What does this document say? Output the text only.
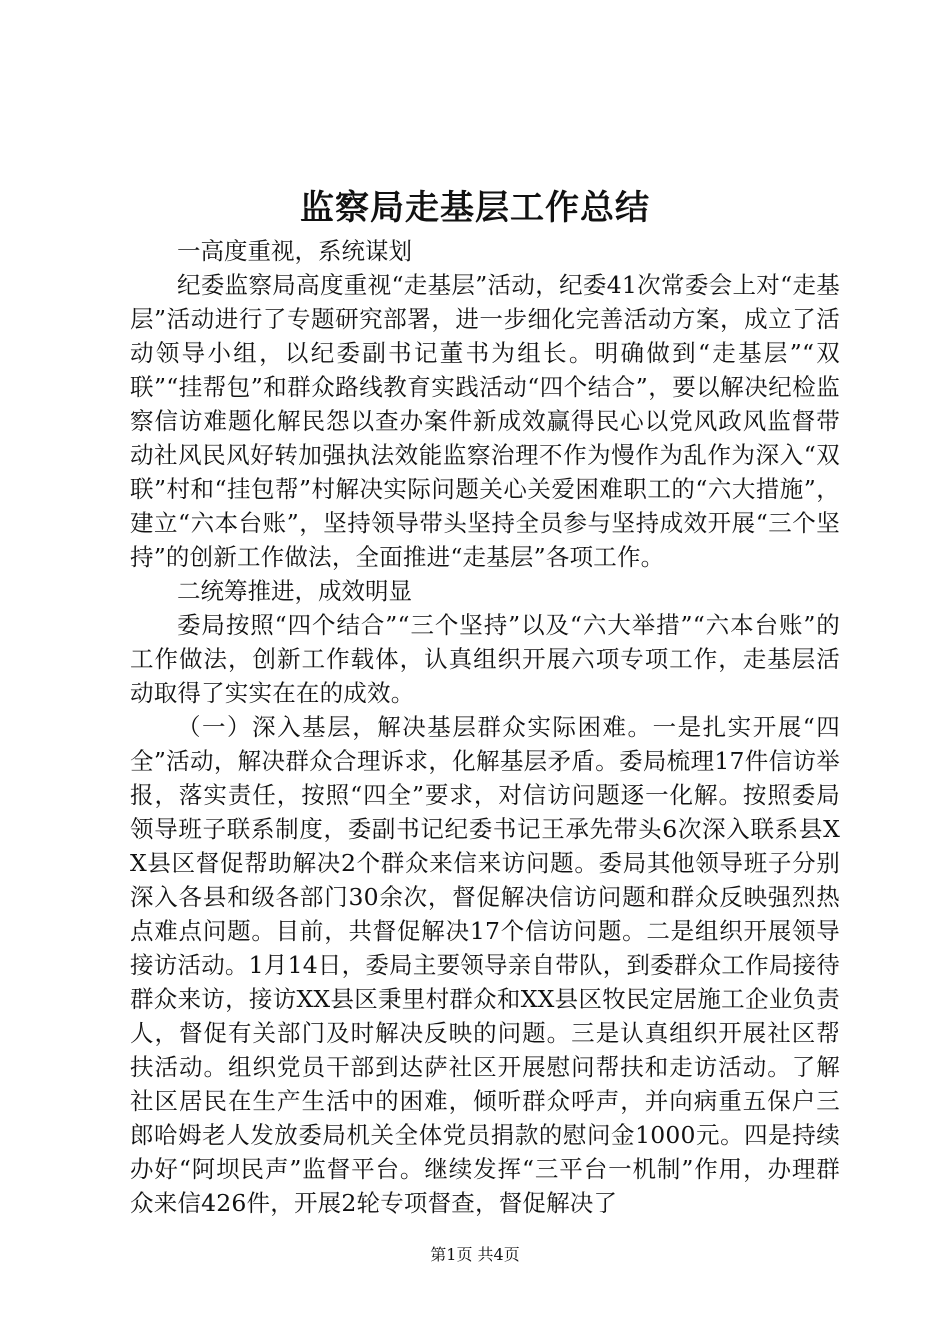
监察局走基层工作总结

一高度重视，系统谋划

纪委监察局高度重视“走基层”活动，纪委41次常委会上对“走基层”活动进行了专题研究部署，进一步细化完善活动方案，成立了活动领导小组，以纪委副书记董书为组长。明确做到“走基层”“双联”“挂帮包”和群众路线教育实践活动“四个结合”，要以解决纪检监察信访难题化解民怨以查办案件新成效赢得民心以党风政风监督带动社风民风好转加强执法效能监察治理不作为慢作为乱作为深入“双联”村和“挂包帮”村解决实际问题关心关爱困难职工的“六大措施”，建立“六本台账”，坚持领导带头坚持全员参与坚持成效开展“三个坚持”的创新工作做法，全面推进“走基层”各项工作。

二统筹推进，成效明显

委局按照“四个结合”“三个坚持”以及“六大举措”“六本台账”的工作做法，创新工作载体，认真组织开展六项专项工作，走基层活动取得了实实在在的成效。

（一）深入基层，解决基层群众实际困难。一是扎实开展“四全”活动，解决群众合理诉求，化解基层矛盾。委局梳理17件信访举报，落实责任，按照“四全”要求，对信访问题逐一化解。按照委局领导班子联系制度，委副书记纪委书记王承先带头6次深入联系县XX县区督促帮助解决2个群众来信来访问题。委局其他领导班子分别深入各县和级各部门30余次，督促解决信访问题和群众反映强烈热点难点问题。目前，共督促解决17个信访问题。二是组织开展领导接访活动。1月14日，委局主要领导亲自带队，到委群众工作局接待群众来访，接访XX县区秉里村群众和XX县区牧民定居施工企业负责人，督促有关部门及时解决反映的问题。三是认真组织开展社区帮扶活动。组织党员干部到达萨社区开展慰问帮扶和走访活动。了解社区居民在生产生活中的困难，倾听群众呼声，并向病重五保户三郎哈姆老人发放委局机关全体党员捐款的慰问金1000元。四是持续办好“阿坝民声”监督平台。继续发挥“三平台一机制”作用，办理群众来信426件，开展2轮专项督查，督促解决了

第1页 共4页
